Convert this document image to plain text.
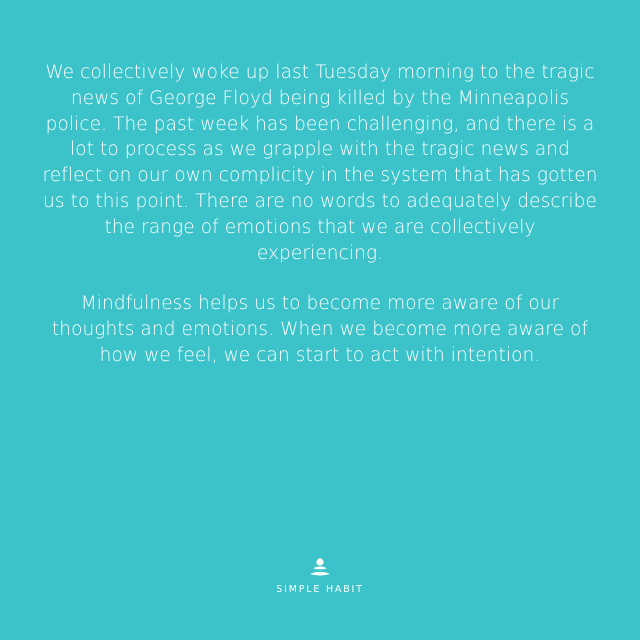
We collectively woke up last Tuesday morning to the tragic news of George Floyd being killed by the Minneapolis police. The past week has been challenging, and there is a lot to process as we grapple with the tragic news and reflect on our own complicity in the system that has gotten us to this point. There are no words to adequately describe the range of emotions that we are collectively experiencing.

Mindfulness helps us to become more aware of our thoughts and emotions. When we become more aware of how we feel, we can start to act with intention.

SIMPLE HABIT
